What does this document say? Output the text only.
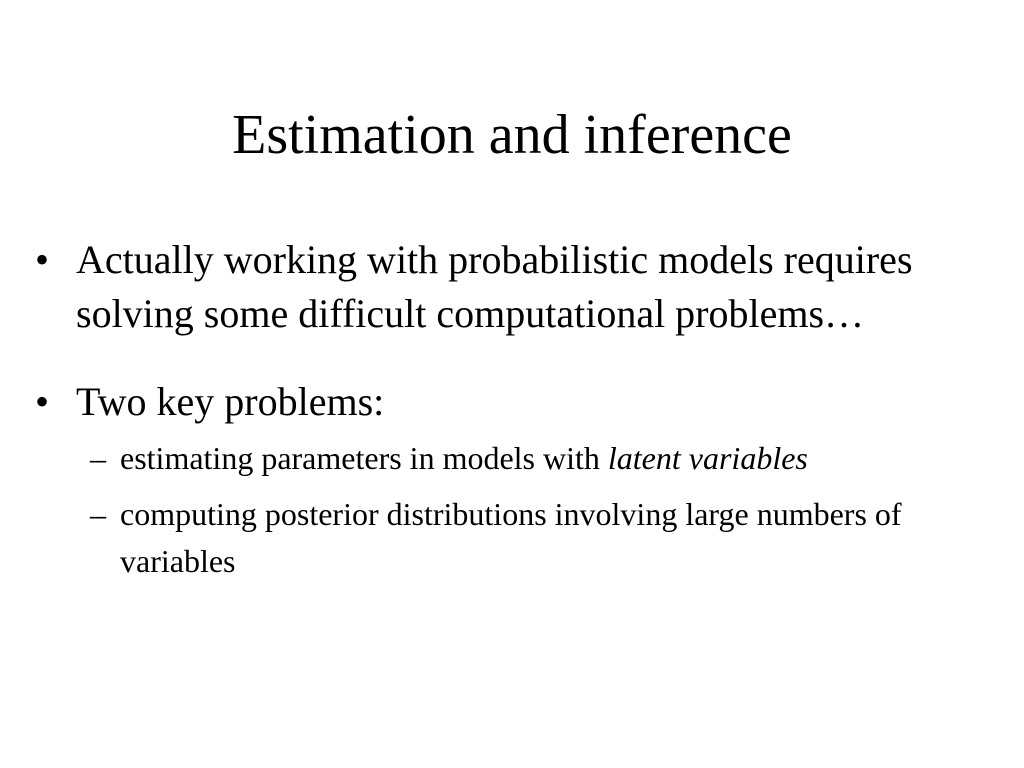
Estimation and inference
• Actually working with probabilistic models requires solving some difficult computational problems…
• Two key problems:
– estimating parameters in models with latent variables
– computing posterior distributions involving large numbers of variables
